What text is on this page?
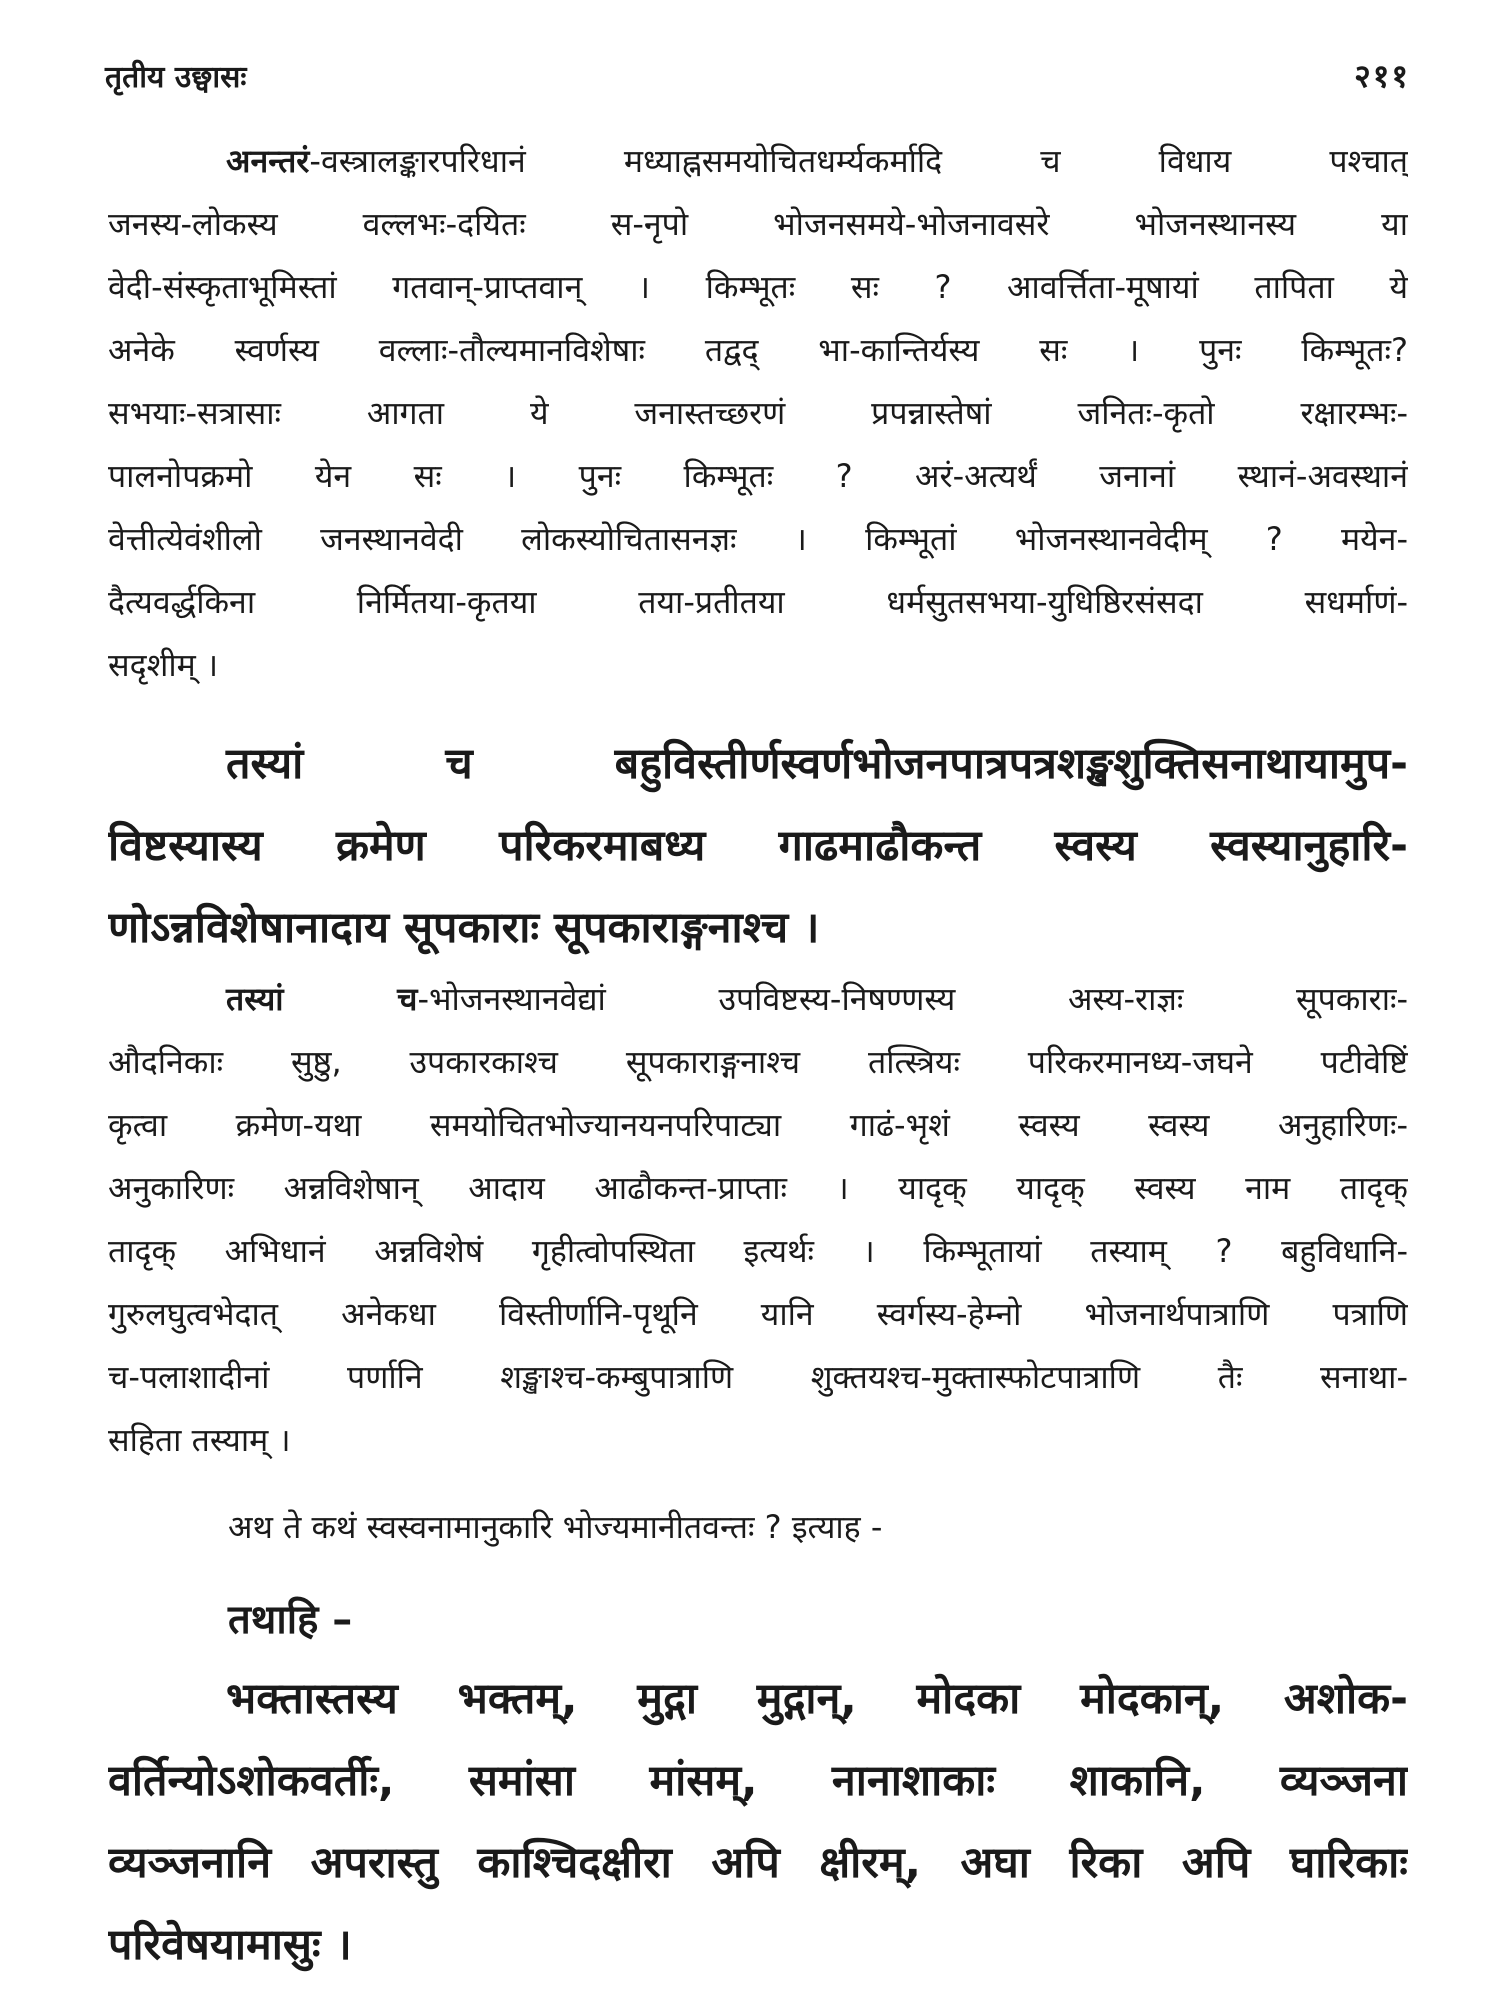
तृतीय उछ्वासः	२११

अनन्तरं-वस्त्रालङ्कारपरिधानं मध्याह्नसमयोचितधर्म्यकर्मादि च विधाय पश्चात्

जनस्य-लोकस्य वल्लभः-दयितः स-नृपो भोजनसमये-भोजनावसरे भोजनस्थानस्य या

वेदी-संस्कृताभूमिस्तां गतवान्-प्राप्तवान् । किम्भूतः सः ? आवर्त्तिता-मूषायां तापिता ये

अनेके स्वर्णस्य वल्लाः-तौल्यमानविशेषाः तद्वद् भा-कान्तिर्यस्य सः । पुनः किम्भूतः?

सभयाः-सत्रासाः आगता ये जनास्तच्छरणं प्रपन्नास्तेषां जनितः-कृतो रक्षारम्भः-

पालनोपक्रमो येन सः । पुनः किम्भूतः ? अरं-अत्यर्थं जनानां स्थानं-अवस्थानं

वेत्तीत्येवंशीलो जनस्थानवेदी लोकस्योचितासनज्ञः । किम्भूतां भोजनस्थानवेदीम् ? मयेन-

दैत्यवर्द्धकिना निर्मितया-कृतया तया-प्रतीतया धर्मसुतसभया-युधिष्ठिरसंसदा सधर्माणं-

सदृशीम् ।

तस्यां च बहुविस्तीर्णस्वर्णभोजनपात्रपत्रशङ्खशुक्तिसनाथायामुप-

विष्टस्यास्य क्रमेण परिकरमाबध्य गाढमाढौकन्त स्वस्य स्वस्यानुहारि-

णोऽन्नविशेषानादाय सूपकाराः सूपकाराङ्गनाश्च ।

तस्यां च-भोजनस्थानवेद्यां उपविष्टस्य-निषण्णस्य अस्य-राज्ञः सूपकाराः-

औदनिकाः सुष्ठु, उपकारकाश्च सूपकाराङ्गनाश्च तत्स्त्रियः परिकरमानध्य-जघने पटीवेष्टिं

कृत्वा क्रमेण-यथा समयोचितभोज्यानयनपरिपाट्या गाढं-भृशं स्वस्य स्वस्य अनुहारिणः-

अनुकारिणः अन्नविशेषान् आदाय आढौकन्त-प्राप्ताः । यादृक् यादृक् स्वस्य नाम तादृक्

तादृक् अभिधानं अन्नविशेषं गृहीत्वोपस्थिता इत्यर्थः । किम्भूतायां तस्याम् ? बहुविधानि-

गुरुलघुत्वभेदात् अनेकधा विस्तीर्णानि-पृथूनि यानि स्वर्गस्य-हेम्नो भोजनार्थपात्राणि पत्राणि

च-पलाशादीनां पर्णानि शङ्खाश्च-कम्बुपात्राणि शुक्तयश्च-मुक्तास्फोटपात्राणि तैः सनाथा-

सहिता तस्याम् ।

अथ ते कथं स्वस्वनामानुकारि भोज्यमानीतवन्तः ? इत्याह -
तथाहि –

भक्तास्तस्य भक्तम्, मुद्गा मुद्गान्, मोदका मोदकान्, अशोक-

वर्तिन्योऽशोकवर्तीः, समांसा मांसम्, नानाशाकाः शाकानि, व्यञ्जना

व्यञ्जनानि अपरास्तु काश्चिदक्षीरा अपि क्षीरम्, अघा रिका अपि घारिकाः

परिवेषयामासुः ।
